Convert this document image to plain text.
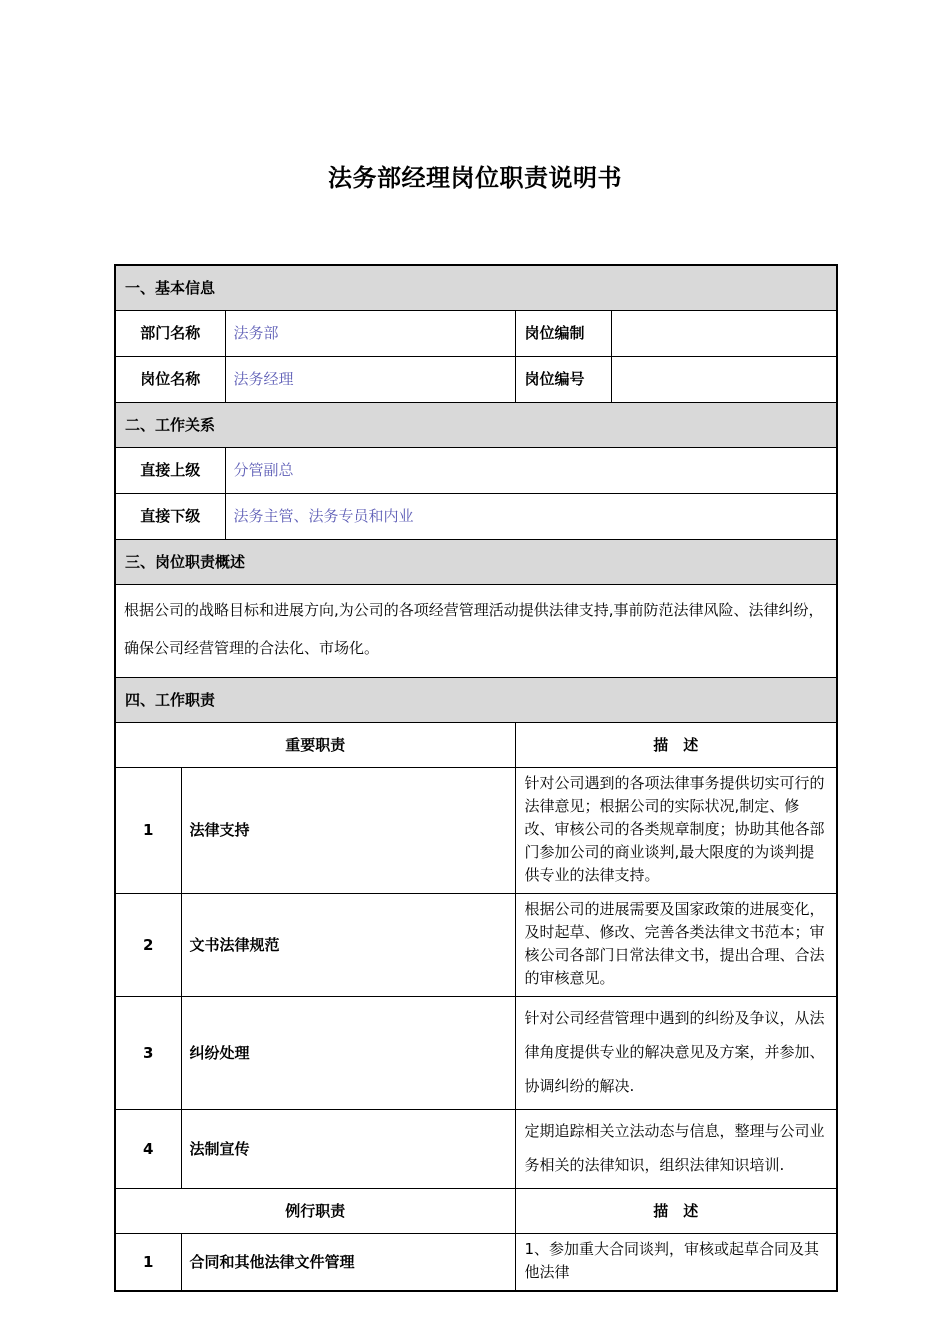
法务部经理岗位职责说明书
一、基本信息				
部门名称		法务部	岗位编制	
岗位名称		法务经理	岗位编号	
二、工作关系				
直接上级		分管副总		
直接下级		法务主管、法务专员和内业		
三、岗位职责概述				
根据公司的战略目标和进展方向,为公司的各项经营管理活动提供法律支持,事前防范法律风险、法律纠纷，确保公司经营管理的合法化、市场化。				
四、工作职责				
重要职责			描　述	
1	法律支持		针对公司遇到的各项法律事务提供切实可行的法律意见；根据公司的实际状况,制定、修改、审核公司的各类规章制度；协助其他各部门参加公司的商业谈判,最大限度的为谈判提供专业的法律支持。	
2	文书法律规范		根据公司的进展需要及国家政策的进展变化，及时起草、修改、完善各类法律文书范本；审核公司各部门日常法律文书，提出合理、合法的审核意见。	
3	纠纷处理		针对公司经营管理中遇到的纠纷及争议，从法律角度提供专业的解决意见及方案，并参加、协调纠纷的解决.	
4	法制宣传		定期追踪相关立法动态与信息，整理与公司业务相关的法律知识，组织法律知识培训.	
例行职责			描　述	
1	合同和其他法律文件管理		1、参加重大合同谈判，审核或起草合同及其他法律	
